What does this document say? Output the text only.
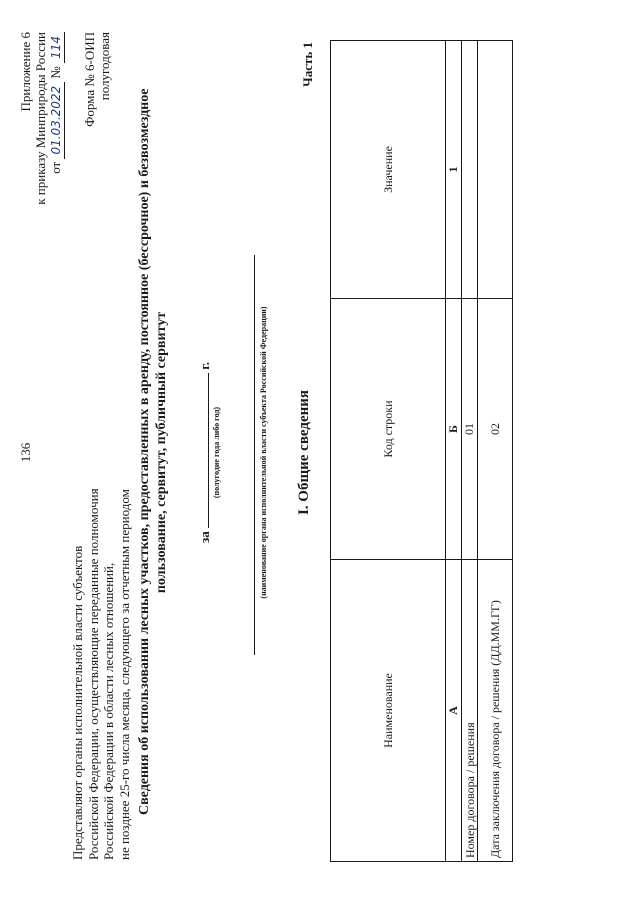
136
Приложение 6 к приказу Минприроды России от 01.03.2022 № 114 Форма № 6-ОИП полугодовая
Представляют органы исполнительной власти субъектов Российской Федерации, осуществляющие переданные полномочия Российской Федерации в области лесных отношений, не позднее 25-го числа месяца, следующего за отчетным периодом Сведения об использовании лесных участков, предоставленных в аренду, постоянное (бессрочное) и безвозмездное пользование, сервитут, публичный сервитут за  г.
(полугодие года либо год)	(наименование органа исполнительной власти субъекта Российской Федерации) I. Общие сведения
Часть 1
Наименование	Код строки	Значение
А	Б	1
Номер договора / решения	01	
Дата заключения договора / решения (ДД.ММ.ГГ)	02	
